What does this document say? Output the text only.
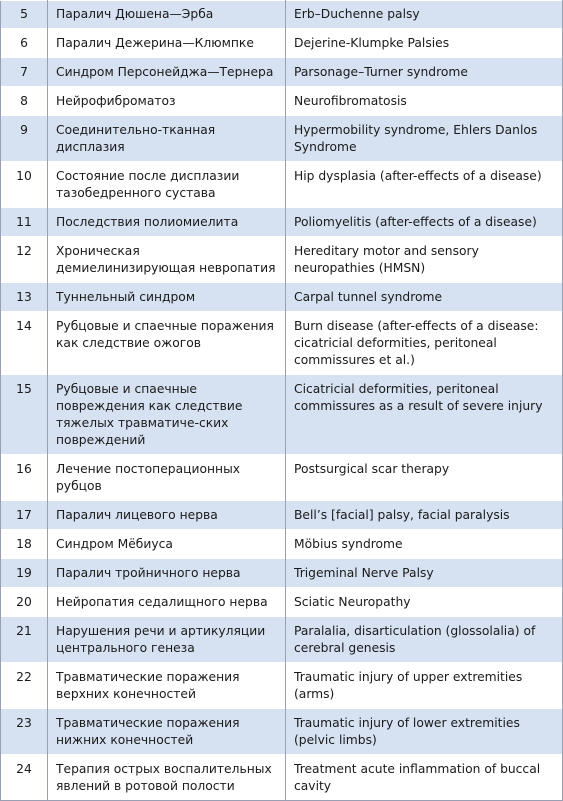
5	Паралич Дюшена—Эрба	Erb–Duchenne palsy
6	Паралич Дежерина—Клюмпке	Dejerine-Klumpke Palsies
7	Синдром Персонейджа—Тернера	Parsonage–Turner syndrome
8	Нейрофиброматоз	Neurofibromatosis
9	Соединительно-тканная дисплазия	Hypermobility syndrome, Ehlers Danlos Syndrome
10	Состояние после дисплазии тазобедренного сустава	Hip dysplasia (after-effects of a disease)
11	Последствия полиомиелита	Poliomyelitis (after-effects of a disease)
12	Хроническая демиелинизирующая невропатия	Hereditary motor and sensory neuropathies (HMSN)
13	Туннельный синдром	Carpal tunnel syndrome
14	Рубцовые и спаечные поражения как следствие ожогов	Burn disease (after-effects of a disease: cicatricial deformities, peritoneal commissures et al.)
15	Рубцовые и спаечные повреждения как следствие тяжелых травматиче-ских повреждений	Cicatricial deformities, peritoneal commissures as a result of severe injury
16	Лечение постоперационных рубцов	Postsurgical scar therapy
17	Паралич лицевого нерва	Bell’s [facial] palsy, facial paralysis
18	Синдром Мёбиуса	Möbius syndrome
19	Паралич тройничного нерва	Trigeminal Nerve Palsy
20	Нейропатия седалищного нерва	Sciatic Neuropathy
21	Нарушения речи и артикуляции центрального генеза	Paralalia, disarticulation (glossolalia) of cerebral genesis
22	Травматические поражения верхних конечностей	Traumatic injury of upper extremities (arms)
23	Травматические поражения нижних конечностей	Traumatic injury of lower extremities (pelvic limbs)
24	Терапия острых воспалительных явлений в ротовой полости	Treatment acute inflammation of buccal cavity
